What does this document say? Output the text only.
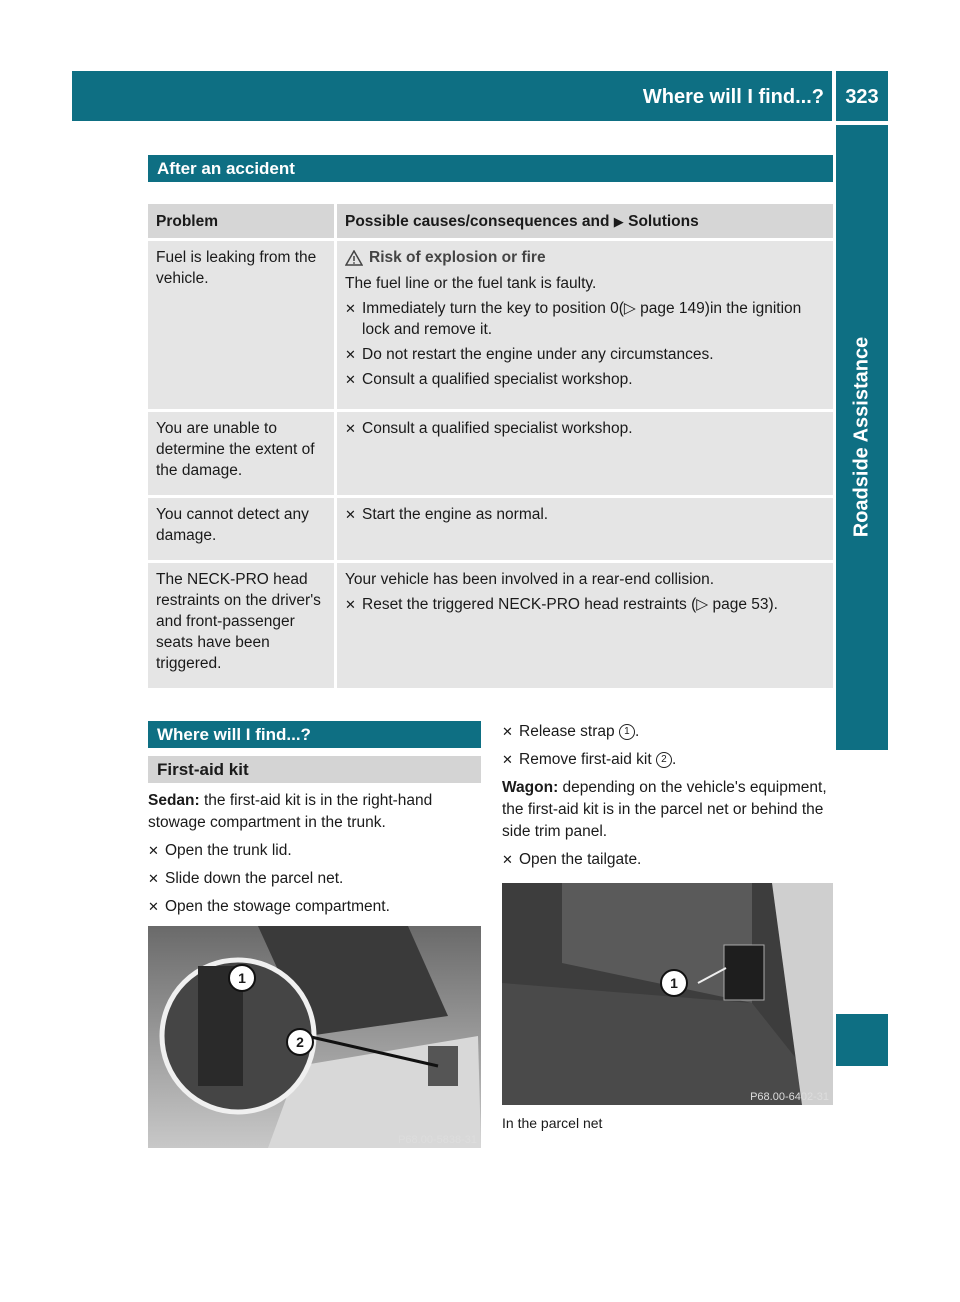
Where will I find...?	323
Roadside Assistance
After an accident
Problem	Possible causes/consequences and ▶ Solutions
Fuel is leaking from the vehicle.	Risk of explosion or fire

The fuel line or the fuel tank is faulty.

✕ Immediately turn the key to position 0(▷ page 149)in the ignition lock and remove it.

✕ Do not restart the engine under any circumstances.

✕ Consult a qualified specialist workshop.

You are unable to determine the extent of the damage.	✕ Consult a qualified specialist workshop.

You cannot detect any damage.	✕ Start the engine as normal.

The NECK-PRO head restraints on the driver's and front-passenger seats have been triggered.	Your vehicle has been involved in a rear-end collision.

✕ Reset the triggered NECK-PRO head restraints (▷ page 53).

Where will I find...?
First-aid kit

Sedan: the first-aid kit is in the right-hand stowage compartment in the trunk.

✕ Open the trunk lid.

✕ Slide down the parcel net.

✕ Open the stowage compartment.

1
2
P68.00-5838-31

✕ Release strap 1 .

✕ Remove first-aid kit 2 .

Wagon: depending on the vehicle's equipment, the first-aid kit is in the parcel net or behind the side trim panel.

✕ Open the tailgate.

1
P68.00-6402-31
In the parcel net
